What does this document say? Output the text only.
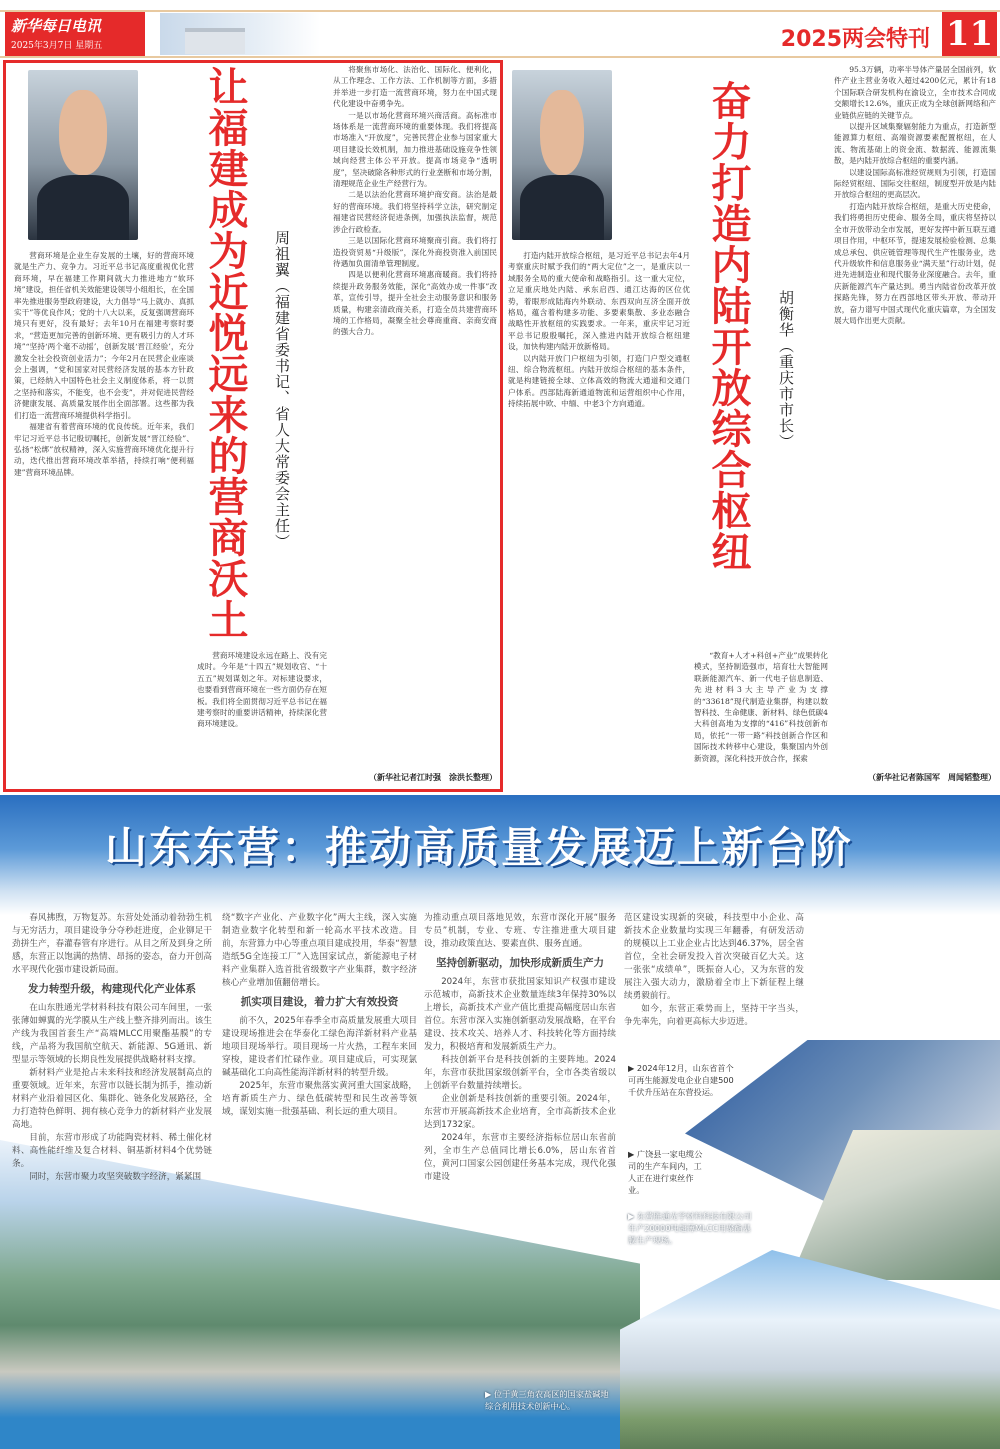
新华每日电讯
2025年3月7日 星期五	2025两会特刊 11
让福建成为近悦远来的营商沃土 周祖翼（福建省委书记、省人大常委会主任）

营商环境是企业生存发展的土壤，好的营商环境就是生产力、竞争力。习近平总书记高度重视优化营商环境，早在福建工作期间就大力推进地方“软环境”建设，担任省机关效能建设领导小组组长，在全国率先推进服务型政府建设，大力倡导“马上就办、真抓实干”等优良作风；党的十八大以来，反复强调营商环境只有更好，没有最好；去年10月在福建考察时要求，“营造更加完善的创新环境、更有吸引力的人才环境”“坚持‘两个毫不动摇’，创新发展‘晋江经验’，充分激发全社会投资创业活力”；今年2月在民营企业座谈会上强调，“党和国家对民营经济发展的基本方针政策，已经纳入中国特色社会主义制度体系，将一以贯之坚持和落实，不能变，也不会变”，并对促进民营经济健康发展、高质量发展作出全面部署。这些都为我们打造一流营商环境提供科学指引。

福建省有着营商环境的优良传统。近年来，我们牢记习近平总书记殷切嘱托，创新发展“晋江经验”、弘扬“松绑”放权精神，深入实施营商环境优化提升行动，迭代推出营商环境改革举措，持续打响“便利福建”营商环境品牌。

营商环境建设永远在路上、没有完成时。今年是“十四五”规划收官、“十五五”规划谋划之年。对标建设要求，也要看到营商环境在一些方面仍存在短板。我们将全面贯彻习近平总书记在福建考察时的重要讲话精神，持续深化营商环境建设。

将聚焦市场化、法治化、国际化、便利化，从工作理念、工作方法、工作机制等方面，多措并举进一步打造一流营商环境，努力在中国式现代化建设中奋勇争先。

一是以市场化营商环境兴商活商。高标准市场体系是一流营商环境的重要体现。我们将提高市场准入“开放度”，完善民营企业参与国家重大项目建设长效机制，加力推进基础设施竞争性领域向经营主体公平开放。提高市场竞争“透明度”，坚决破除各种形式的行业垄断和市场分割，清理规范企业生产经营行为。

二是以法治化营商环境护商安商。法治是最好的营商环境。我们将坚持科学立法，研究制定福建省民营经济促进条例，加强执法监督，规范涉企行政检查。

三是以国际化营商环境聚商引商。我们将打造投资贸易“升级版”，深化外商投资准入前国民待遇加负面清单管理制度。

四是以便利化营商环境惠商暖商。我们将持续提升政务服务效能，深化“高效办成一件事”改革，宣传引导，提升全社会主动服务意识和服务质量，构建亲清政商关系，打造全员共建营商环境的工作格局，凝聚全社会尊商重商、亲商安商的强大合力。

（新华社记者江时强　涂洪长整理）
奋力打造内陆开放综合枢纽 胡衡华（重庆市市长）

打造内陆开放综合枢纽，是习近平总书记去年4月考察重庆时赋予我们的“两大定位”之一，是重庆以一域服务全局的重大使命和战略指引。这一重大定位，立足重庆地处内陆、承东启西、通江达海的区位优势，着眼形成陆海内外联动、东西双向互济全面开放格局，蕴含着构建多功能、多要素集散、多业态融合战略性开放枢纽的实践要求。一年来，重庆牢记习近平总书记殷殷嘱托，深入推进内陆开放综合枢纽建设，加快构建内陆开放新格局。

以内陆开放门户枢纽为引领，打造门户型交通枢纽、综合物流枢纽。内陆开放综合枢纽的基本条件，就是构建链接全球、立体高效的物流大通道和交通门户体系。西部陆海新通道物流和运营组织中心作用，持续拓展中欧、中缅、中老3个方向通道。

“教育+人才+科创+产业”成果转化模式，坚持制造强市，培育壮大智能网联新能源汽车、新一代电子信息制造、先进材料3大主导产业为支撑的“33618”现代制造业集群，构建以数智科技、生命健康、新材料、绿色低碳4大科创高地为支撑的“416”科技创新布局，依托“一带一路”科技创新合作区和国际技术转移中心建设，集聚国内外创新资源，深化科技开放合作，探索

95.3万辆，功率半导体产量居全国前列，软件产业主营业务收入超过4200亿元，累计有18个国际联合研发机构在渝设立，全市技术合同成交额增长12.6%，重庆正成为全球创新网络和产业链供应链的关键节点。

以提升区域集聚辐射能力为重点，打造新型能源算力枢纽、高端资源要素配置枢纽，在人流、物流基础上的资金流、数据流、能源流集散，是内陆开放综合枢纽的重要内涵。

以建设国际高标准经贸规则为引领，打造国际经贸枢纽、国际交往枢纽，制度型开放是内陆开放综合枢纽的更高层次。

打造内陆开放综合枢纽，是重大历史使命，我们将勇担历史使命、服务全局，重庆将坚持以全市开放带动全市发展，更好发挥中新互联互通项目作用，中枢环节，提速发展检验检测、总集成总承包、供应链管理等现代生产性服务业，迭代升级软件和信息服务业“满天星”行动计划，促进先进制造业和现代服务业深度融合。去年，重庆新能源汽车产量达到。勇当内陆省份改革开放探路先锋，努力在西部地区带头开放、带动开放，奋力谱写中国式现代化重庆篇章，为全国发展大局作出更大贡献。

（新华社记者陈国军　周闻韬整理）
山东东营：推动高质量发展迈上新台阶

春风拂煦，万物复苏。东营处处涌动着勃勃生机与无穷活力，项目建设争分夺秒赶进度，企业铆足干劲拼生产，春灌春管有序进行。从目之所及到身之所感，东营正以饱满的热情、昂扬的姿态，奋力开创高水平现代化强市建设新局面。

发力转型升级，构建现代化产业体系

在山东胜通光学材料科技有限公司车间里，一张张薄如蝉翼的光学膜从生产线上整齐排列而出。该生产线为我国首套生产“高端MLCC用聚酯基膜”的专线，产品将为我国航空航天、新能源、5G通讯、新型显示等领域的长期良性发展提供战略材料支撑。

新材料产业是抢占未来科技和经济发展制高点的重要领域。近年来，东营市以链长制为抓手，推动新材料产业沿着园区化、集群化、链条化发展路径，全力打造特色鲜明、拥有核心竞争力的新材料产业发展高地。

目前，东营市形成了功能陶瓷材料、稀土催化材料、高性能纤维及复合材料、铜基新材料4个优势链条。

同时，东营市聚力攻坚突破数字经济，紧紧围

绕“数字产业化、产业数字化”两大主线，深入实施制造业数字化转型和新一轮高水平技术改造。目前，东营算力中心等重点项目建成投用，华泰“智慧造纸5G全连接工厂”入选国家试点，新能源电子材料产业集群入选首批省级数字产业集群，数字经济核心产业增加值翻倍增长。

抓实项目建设，着力扩大有效投资

前不久，2025年春季全市高质量发展重大项目建设现场推进会在华泰化工绿色海洋新材料产业基地项目现场举行。项目现场一片火热，工程车来回穿梭，建设者们忙碌作业。项目建成后，可实现氯碱基础化工向高性能海洋新材料的转型升级。

2025年，东营市聚焦落实黄河重大国家战略，培育新质生产力、绿色低碳转型和民生改善等领域，谋划实施一批强基础、利长远的重大项目。

为推动重点项目落地见效，东营市深化开展“服务专员”机制，专业、专班、专注推进重大项目建设，推动政策直达、要素直供、服务直通。

坚持创新驱动，加快形成新质生产力

2024年，东营市获批国家知识产权强市建设示范城市，高新技术企业数量连续3年保持30%以上增长，高新技术产业产值比重提高幅度居山东省首位。东营市深入实施创新驱动发展战略，在平台建设、技术攻关、培养人才、科技转化等方面持续发力，积极培育和发展新质生产力。

科技创新平台是科技创新的主要阵地。2024年，东营市获批国家级创新平台，全市各类省级以上创新平台数量持续增长。

企业创新是科技创新的重要引领。2024年，东营市开展高新技术企业培育，全市高新技术企业达到1732家。

2024年，东营市主要经济指标位居山东省前列，全市生产总值同比增长6.0%，居山东省首位，黄河口国家公园创建任务基本完成，现代化强市建设

范区建设实现新的突破，科技型中小企业、高新技术企业数量均实现三年翻番，有研发活动的规模以上工业企业占比达到46.37%，居全省首位，全社会研发投入首次突破百亿大关。这一张张“成绩单”，既振奋人心，又为东营的发展注入强大动力，激励着全市上下新征程上继续勇毅前行。

如今，东营正乘势而上，坚持干字当头，争先率先，向着更高标大步迈进。

▶ 2024年12月，山东省首个可再生能源发电企业自建500千伏升压站在东营投运。
▶ 广饶县一家电缆公司的生产车间内，工人正在进行束丝作业。
▶ 东营胜通光学材料科技有限公司年产20000吨超薄MLCC用聚酯基膜生产现场。
▶ 位于黄三角农高区的国家盐碱地综合利用技术创新中心。
